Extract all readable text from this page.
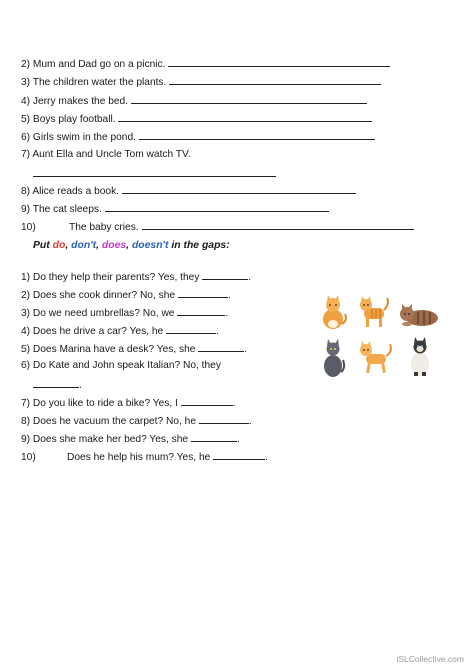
2) Mum and Dad go on a picnic.
3) The children water the plants.
4) Jerry makes the bed.
5) Boys play football.
6) Girls swim in the pond.
7) Aunt Ella and Uncle Tom watch TV.
8) Alice reads a book.
9) The cat sleeps.
10)	The baby cries.
Put do, don't, does, doesn't in the gaps:
1) Do they help their parents? Yes, they	.
2) Does she cook dinner? No, she	.
3) Do we need umbrellas? No, we	.
4) Does he drive a car? Yes, he	.
5) Does Marina have a desk? Yes, she	.
6) Do Kate and John speak Italian? No, they
.
7) Do you like to ride a bike? Yes, I	.
8) Does he vacuum the carpet? No, he	.
9) Does she make her bed? Yes, she	.
10)	Does he help his mum? Yes, he	.
iSLCollective.com
